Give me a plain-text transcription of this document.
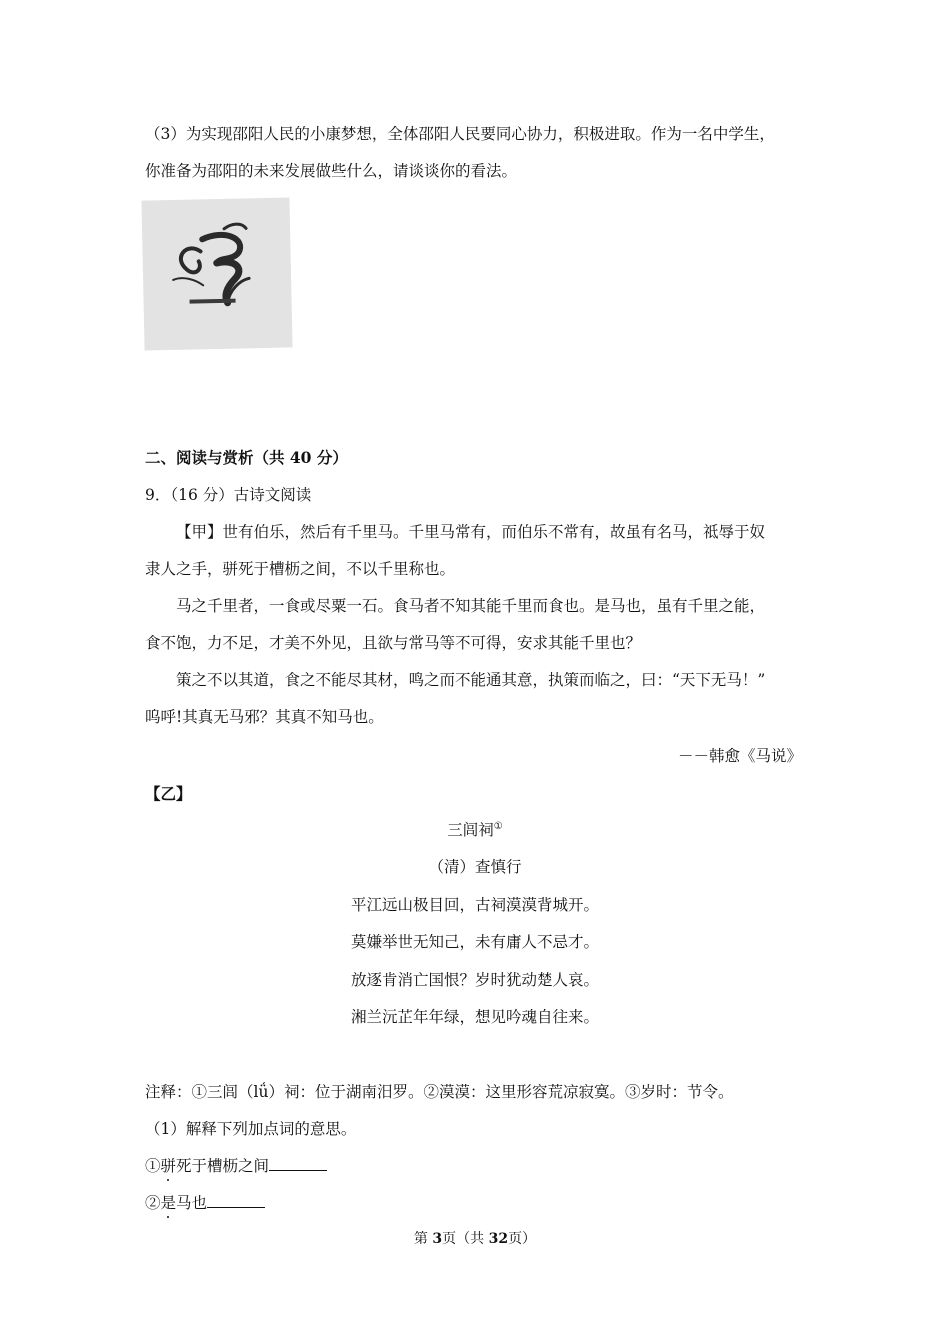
（3）为实现邵阳人民的小康梦想，全体邵阳人民要同心协力，积极进取。作为一名中学生，
你准备为邵阳的未来发展做些什么，请谈谈你的看法。
二、阅读与赏析（共 40 分）
9．（16 分）古诗文阅读
【甲】世有伯乐，然后有千里马。千里马常有，而伯乐不常有，故虽有名马，祗辱于奴
隶人之手，骈死于槽枥之间，不以千里称也。
马之千里者，一食或尽粟一石。食马者不知其能千里而食也。是马也，虽有千里之能，
食不饱，力不足，才美不外见，且欲与常马等不可得，安求其能千里也？
策之不以其道，食之不能尽其材，鸣之而不能通其意，执策而临之，曰：“天下无马！”
呜呼!其真无马邪？其真不知马也。
－－韩愈《马说》
【乙】
三闾祠①
（清）查慎行
平江远山极目回，古祠漠漠背城开。
莫嫌举世无知己，未有庸人不忌才。
放逐肯消亡国恨？岁时犹动楚人哀。
湘兰沅芷年年绿，想见吟魂自往来。
注释：①三闾（lǘ）祠：位于湖南汨罗。②漠漠：这里形容荒凉寂寞。③岁时：节令。
（1）解释下列加点词的意思。
①骈死于槽枥之间
②是马也
第 3页（共 32页）
